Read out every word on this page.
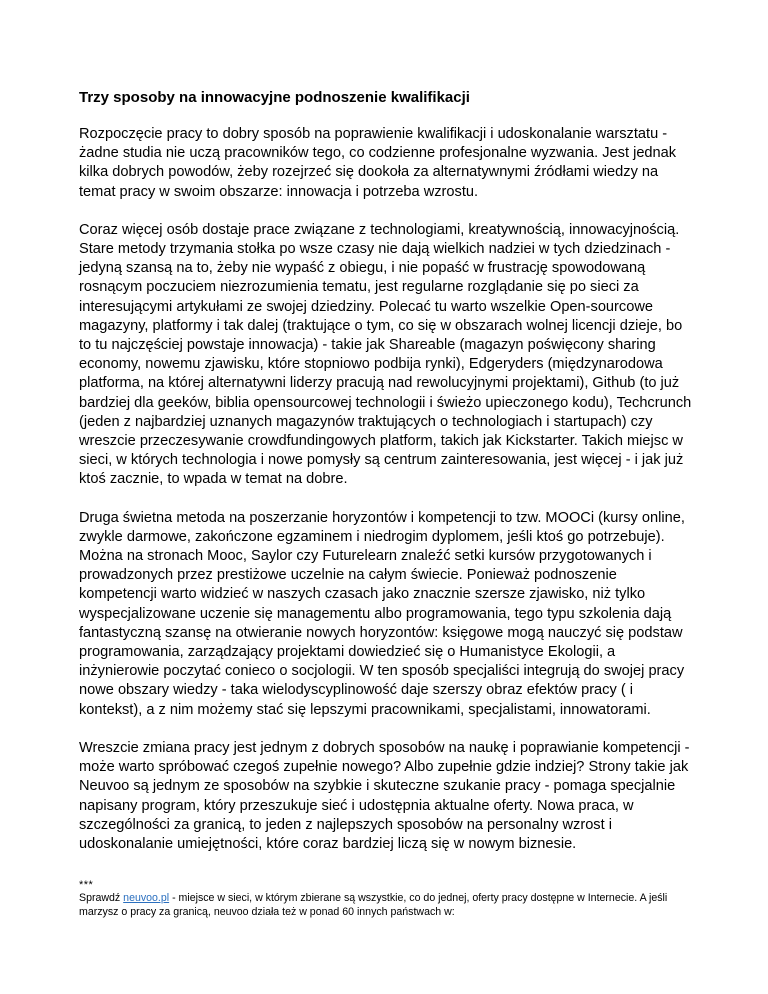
Trzy sposoby na innowacyjne podnoszenie kwalifikacji

Rozpoczęcie pracy to dobry sposób na poprawienie kwalifikacji i udoskonalanie warsztatu - żadne studia nie uczą pracowników tego, co codzienne profesjonalne wyzwania. Jest jednak kilka dobrych powodów, żeby rozejrzeć się dookoła za alternatywnymi źródłami wiedzy na temat pracy w swoim obszarze: innowacja i potrzeba wzrostu.

Coraz więcej osób dostaje prace związane z technologiami, kreatywnością, innowacyjnością. Stare metody trzymania stołka po wsze czasy nie dają wielkich nadziei w tych dziedzinach - jedyną szansą na to, żeby nie wypaść z obiegu, i nie popaść w frustrację spowodowaną rosnącym poczuciem niezrozumienia tematu, jest regularne rozglądanie się po sieci za interesującymi artykułami ze swojej dziedziny. Polecać tu warto wszelkie Open-sourcowe magazyny, platformy i tak dalej (traktujące o tym, co się w obszarach wolnej licencji dzieje, bo to tu najczęściej powstaje innowacja) - takie jak Shareable (magazyn poświęcony sharing economy, nowemu zjawisku, które stopniowo podbija rynki), Edgeryders (międzynarodowa platforma, na której alternatywni liderzy pracują nad rewolucyjnymi projektami), Github (to już bardziej dla geeków, biblia opensourcowej technologii i świeżo upieczonego kodu), Techcrunch (jeden z najbardziej uznanych magazynów traktujących o technologiach i startupach) czy wreszcie przeczesywanie crowdfundingowych platform, takich jak Kickstarter. Takich miejsc w sieci, w których technologia i nowe pomysły są centrum zainteresowania, jest więcej - i jak już ktoś zacznie, to wpada w temat na dobre.

Druga świetna metoda na poszerzanie horyzontów i kompetencji to tzw. MOOCi (kursy online, zwykle darmowe, zakończone egzaminem i niedrogim dyplomem, jeśli ktoś go potrzebuje). Można na stronach Mooc, Saylor czy Futurelearn znaleźć setki kursów przygotowanych i prowadzonych przez prestiżowe uczelnie na całym świecie. Ponieważ podnoszenie kompetencji warto widzieć w naszych czasach jako znacznie szersze zjawisko, niż tylko wyspecjalizowane uczenie się managementu albo programowania, tego typu szkolenia dają fantastyczną szansę na otwieranie nowych horyzontów: księgowe mogą nauczyć się podstaw programowania, zarządzający projektami dowiedzieć się o Humanistyce Ekologii, a inżynierowie poczytać conieco o socjologii. W ten sposób specjaliści integrują do swojej pracy nowe obszary wiedzy - taka wielodyscyplinowość daje szerszy obraz efektów pracy ( i kontekst), a z nim możemy stać się lepszymi pracownikami, specjalistami, innowatorami.

Wreszcie zmiana pracy jest jednym z dobrych sposobów na naukę i poprawianie kompetencji - może warto spróbować czegoś zupełnie nowego? Albo zupełnie gdzie indziej? Strony takie jak Neuvoo są jednym ze sposobów na szybkie i skuteczne szukanie pracy - pomaga specjalnie napisany program, który przeszukuje sieć i udostępnia aktualne oferty. Nowa praca, w szczególności za granicą, to jeden z najlepszych sposobów na personalny wzrost i udoskonalanie umiejętności, które coraz bardziej liczą się w nowym biznesie.

***

Sprawdź neuvoo.pl - miejsce w sieci, w którym zbierane są wszystkie, co do jednej, oferty pracy dostępne w Internecie. A jeśli marzysz o pracy za granicą, neuvoo działa też w ponad 60 innych państwach w:
